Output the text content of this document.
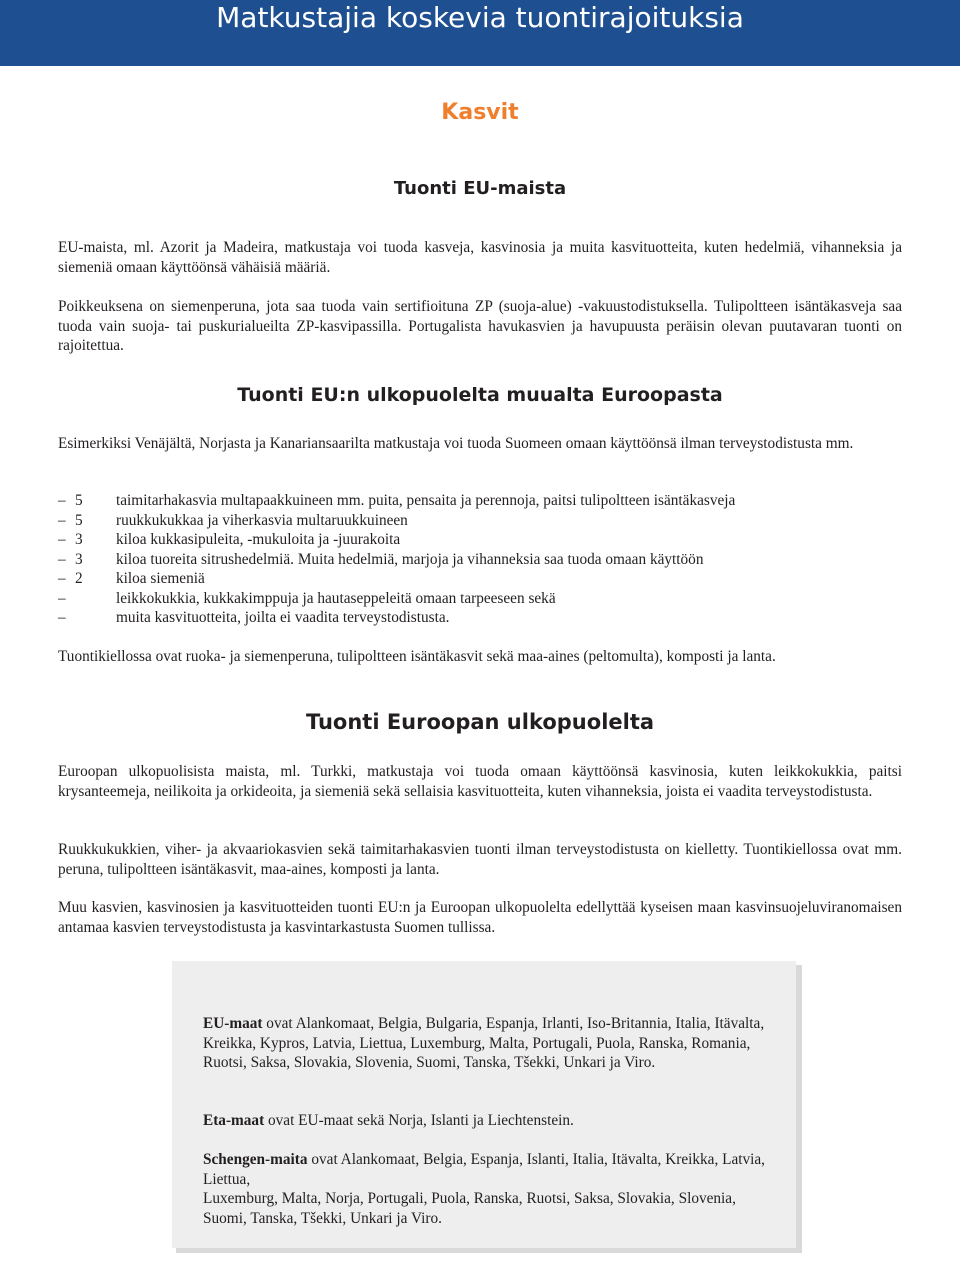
Matkustajia koskevia tuontirajoituksia
Kasvit
Tuonti EU-maista

EU-maista, ml. Azorit ja Madeira, matkustaja voi tuoda kasveja, kasvinosia ja muita kasvituotteita, kuten hedelmiä, vihanneksia ja siemeniä omaan käyttöönsä vähäisiä määriä.

Poikkeuksena on siemenperuna, jota saa tuoda vain sertifioituna ZP (suoja-alue) -vakuustodistuksella. Tulipoltteen isäntäkasveja saa tuoda vain suoja- tai puskurialueilta ZP-kasvipassilla. Portugalista havukasvien ja havupuusta peräisin olevan puutavaran tuonti on rajoitettua.

Tuonti EU:n ulkopuolelta muualta Euroopasta

Esimerkiksi Venäjältä, Norjasta ja Kanariansaarilta matkustaja voi tuoda Suomeen omaan käyttöönsä ilman terveystodistusta mm.

– 5 taimitarhakasvia multapaakkuineen mm. puita, pensaita ja perennoja, paitsi tulipoltteen isäntäkasveja
– 5 ruukkukukkaa ja viherkasvia multaruukkuineen
– 3 kiloa kukkasipuleita, -mukuloita ja -juurakoita
– 3 kiloa tuoreita sitrushedelmiä. Muita hedelmiä, marjoja ja vihanneksia saa tuoda omaan käyttöön
– 2 kiloa siemeniä
–	leikkokukkia, kukkakimppuja ja hautaseppeleitä omaan tarpeeseen sekä
–	muita kasvituotteita, joilta ei vaadita terveystodistusta.

Tuontikiellossa ovat ruoka- ja siemenperuna, tulipoltteen isäntäkasvit sekä maa-aines (peltomulta), komposti ja lanta.

Tuonti Euroopan ulkopuolelta

Euroopan ulkopuolisista maista, ml. Turkki, matkustaja voi tuoda omaan käyttöönsä kasvinosia, kuten leikkokukkia, paitsi krysanteemeja, neilikoita ja orkideoita, ja siemeniä sekä sellaisia kasvituotteita, kuten vihanneksia, joista ei vaadita terveystodistusta.

Ruukkukukkien, viher- ja akvaariokasvien sekä taimitarhakasvien tuonti ilman terveystodistusta on kielletty. Tuontikiellossa ovat mm. peruna, tulipoltteen isäntäkasvit, maa-aines, komposti ja lanta.

Muu kasvien, kasvinosien ja kasvituotteiden tuonti EU:n ja Euroopan ulkopuolelta edellyttää kyseisen maan kasvinsuojeluviranomaisen antamaa kasvien terveystodistusta ja kasvintarkastusta Suomen tullissa.

EU-maat ovat Alankomaat, Belgia, Bulgaria, Espanja, Irlanti, Iso-Britannia, Italia, Itävalta, Kreikka, Kypros, Latvia, Liettua, Luxemburg, Malta, Portugali, Puola, Ranska, Romania, Ruotsi, Saksa, Slovakia, Slovenia, Suomi, Tanska, Tšekki, Unkari ja Viro.

Eta-maat ovat EU-maat sekä Norja, Islanti ja Liechtenstein.

Schengen-maita ovat Alankomaat, Belgia, Espanja, Islanti, Italia, Itävalta, Kreikka, Latvia, Liettua,
Luxemburg, Malta, Norja, Portugali, Puola, Ranska, Ruotsi, Saksa, Slovakia, Slovenia, Suomi, Tanska, Tšekki, Unkari ja Viro.
